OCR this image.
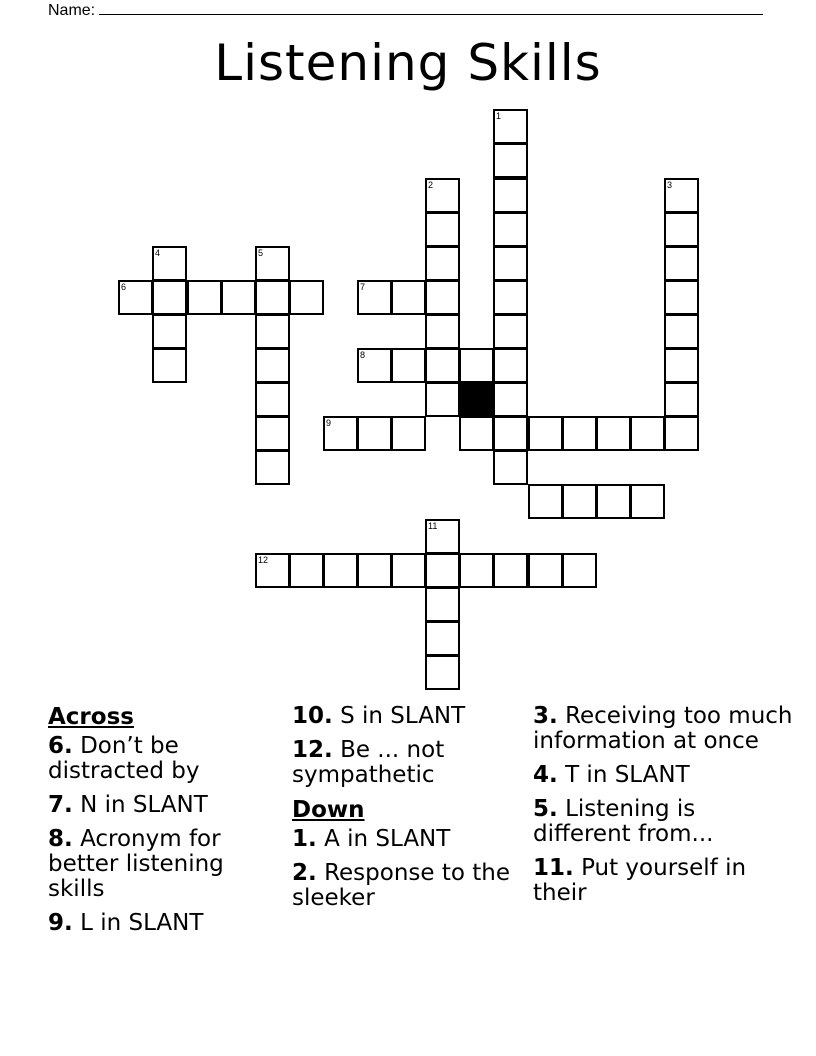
Name:
Listening Skills
1
2	3
4	5
6	7
8
9
11
12
Across
6. Don’t be distracted by
7. N in SLANT
8. Acronym for better listening skills
9. L in SLANT
10. S in SLANT
12. Be ... not sympathetic
Down
1. A in SLANT
2. Response to the sleeker
3. Receiving too much information at once
4. T in SLANT
5. Listening is different from...
11. Put yourself in their
